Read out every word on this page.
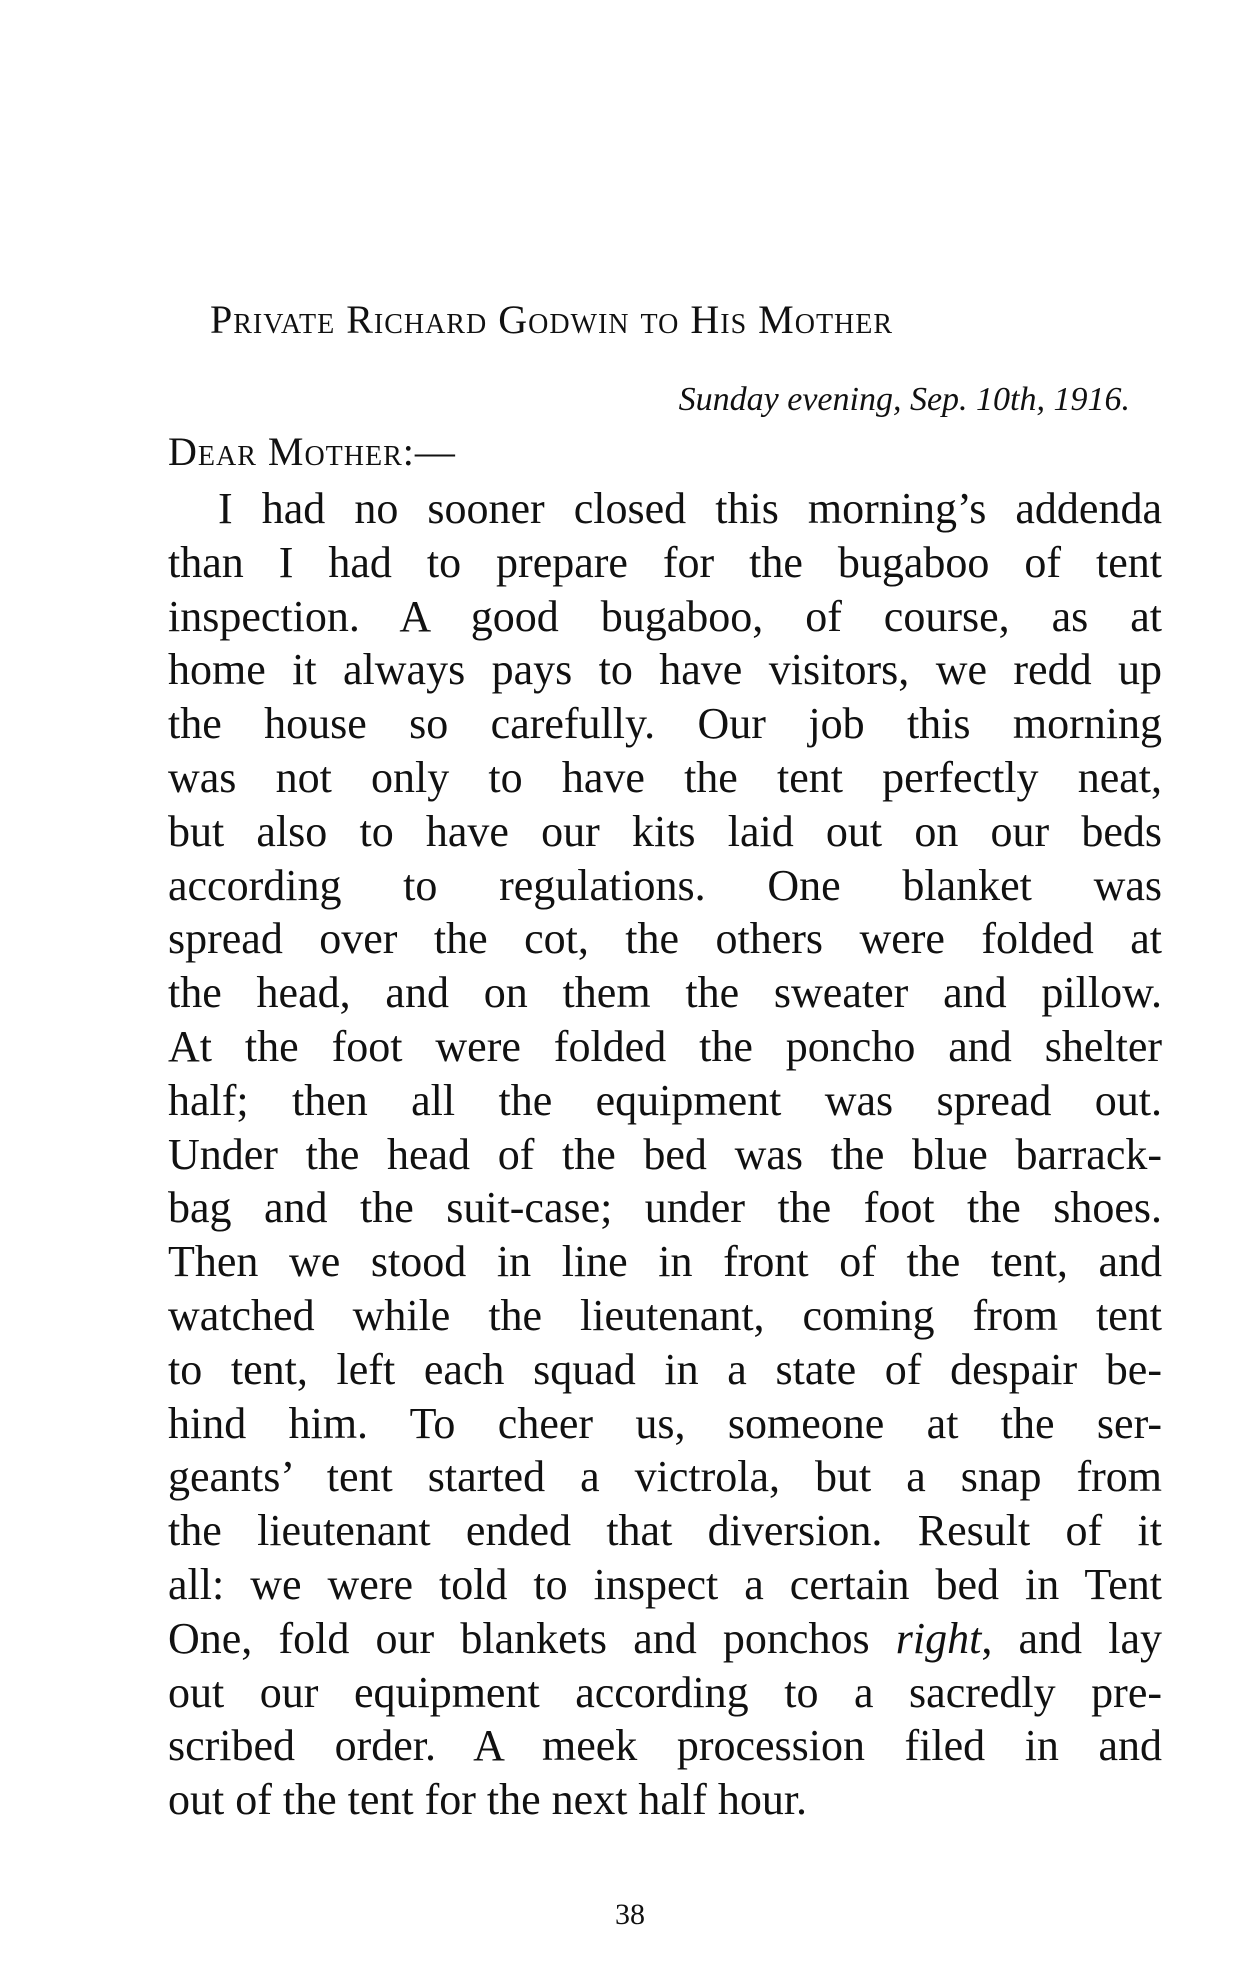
Private Richard Godwin to His Mother
Sunday evening, Sep. 10th, 1916.
Dear Mother:—
I had no sooner closed this morning’s addenda
than I had to prepare for the bugaboo of tent
inspection. A good bugaboo, of course, as at
home it always pays to have visitors, we redd up
the house so carefully. Our job this morning
was not only to have the tent perfectly neat,
but also to have our kits laid out on our beds
according to regulations. One blanket was
spread over the cot, the others were folded at
the head, and on them the sweater and pillow.
At the foot were folded the poncho and shelter
half; then all the equipment was spread out.
Under the head of the bed was the blue barrack-
bag and the suit-case; under the foot the shoes.
Then we stood in line in front of the tent, and
watched while the lieutenant, coming from tent
to tent, left each squad in a state of despair be-
hind him. To cheer us, someone at the ser-
geants’ tent started a victrola, but a snap from
the lieutenant ended that diversion. Result of it
all: we were told to inspect a certain bed in Tent
One, fold our blankets and ponchos right, and lay
out our equipment according to a sacredly pre-
scribed order. A meek procession filed in and
out of the tent for the next half hour.
38
